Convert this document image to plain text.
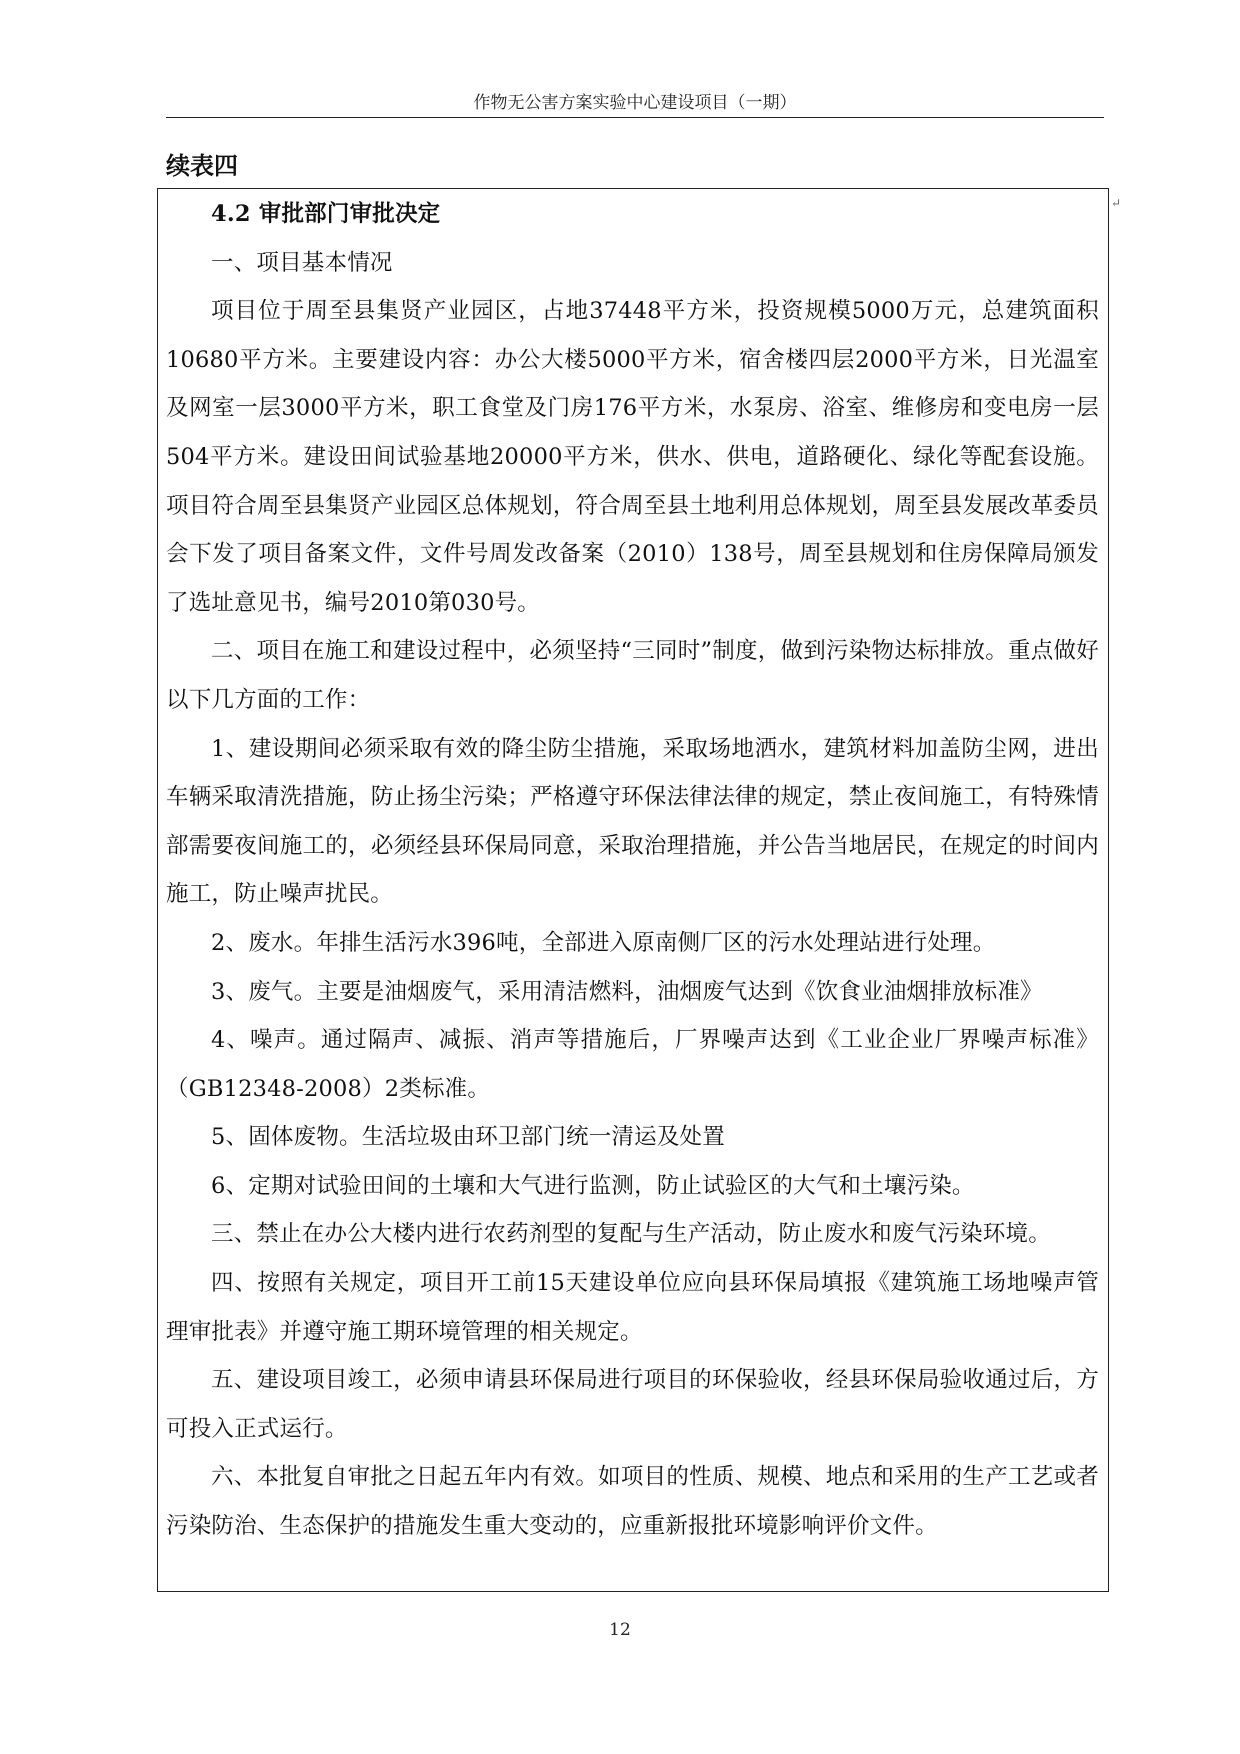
作物无公害方案实验中心建设项目（一期）
续表四
↵

4.2 审批部门审批决定

一、项目基本情况

项目位于周至县集贤产业园区，占地37448平方米，投资规模5000万元，总建筑面积10680平方米。主要建设内容：办公大楼5000平方米，宿舍楼四层2000平方米，日光温室及网室一层3000平方米，职工食堂及门房176平方米，水泵房、浴室、维修房和变电房一层504平方米。建设田间试验基地20000平方米，供水、供电，道路硬化、绿化等配套设施。项目符合周至县集贤产业园区总体规划，符合周至县土地利用总体规划，周至县发展改革委员会下发了项目备案文件，文件号周发改备案（2010）138号，周至县规划和住房保障局颁发了选址意见书，编号2010第030号。

二、项目在施工和建设过程中，必须坚持“三同时”制度，做到污染物达标排放。重点做好以下几方面的工作：

1、建设期间必须采取有效的降尘防尘措施，采取场地洒水，建筑材料加盖防尘网，进出车辆采取清洗措施，防止扬尘污染；严格遵守环保法律法律的规定，禁止夜间施工，有特殊情部需要夜间施工的，必须经县环保局同意，采取治理措施，并公告当地居民，在规定的时间内施工，防止噪声扰民。

2、废水。年排生活污水396吨，全部进入原南侧厂区的污水处理站进行处理。

3、废气。主要是油烟废气，采用清洁燃料，油烟废气达到《饮食业油烟排放标准》

4、噪声。通过隔声、减振、消声等措施后，厂界噪声达到《工业企业厂界噪声标准》（GB12348-2008）2类标准。

5、固体废物。生活垃圾由环卫部门统一清运及处置

6、定期对试验田间的土壤和大气进行监测，防止试验区的大气和土壤污染。

三、禁止在办公大楼内进行农药剂型的复配与生产活动，防止废水和废气污染环境。

四、按照有关规定，项目开工前15天建设单位应向县环保局填报《建筑施工场地噪声管理审批表》并遵守施工期环境管理的相关规定。

五、建设项目竣工，必须申请县环保局进行项目的环保验收，经县环保局验收通过后，方可投入正式运行。

六、本批复自审批之日起五年内有效。如项目的性质、规模、地点和采用的生产工艺或者污染防治、生态保护的措施发生重大变动的，应重新报批环境影响评价文件。

12
